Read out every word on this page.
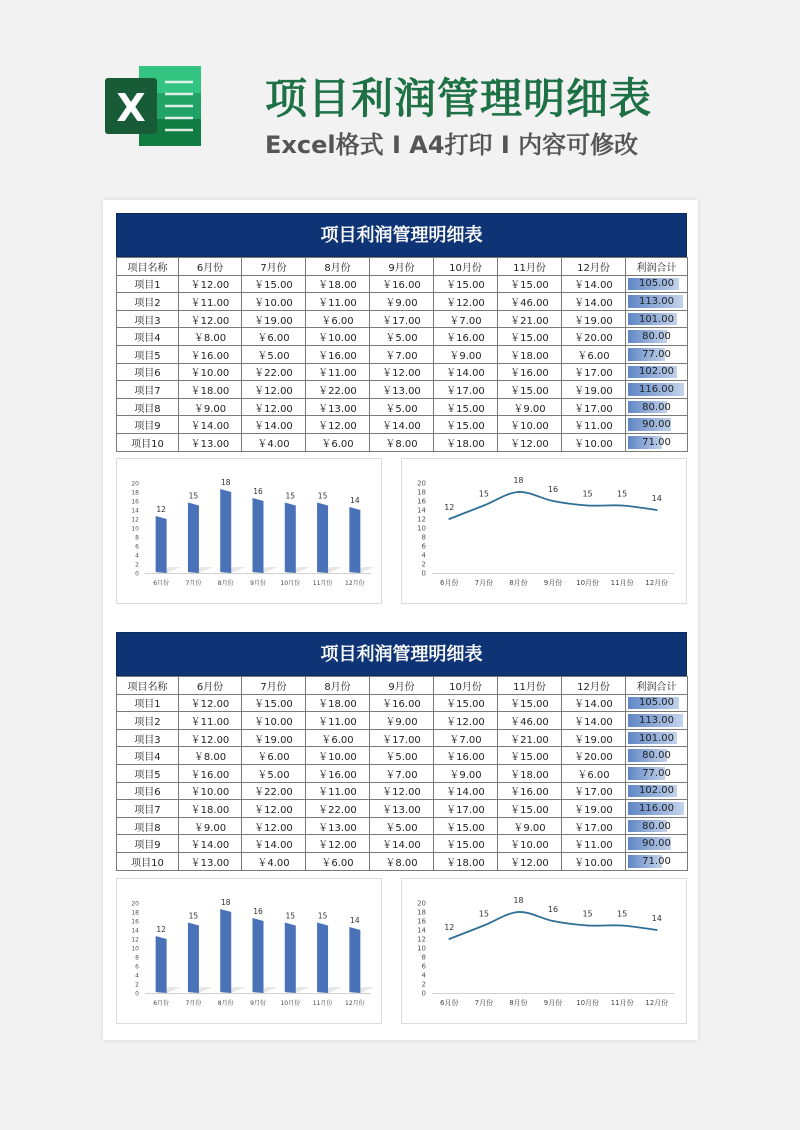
X	项目利润管理明细表
Excel格式 I A4打印 I 内容可修改
项目利润管理明细表
项目名称	6月份	7月份	8月份	9月份	10月份	11月份	12月份	利润合计
项目1	￥12.00	￥15.00	￥18.00	￥16.00	￥15.00	￥15.00	￥14.00	105.00
项目2	￥11.00	￥10.00	￥11.00	￥9.00	￥12.00	￥46.00	￥14.00	113.00
项目3	￥12.00	￥19.00	￥6.00	￥17.00	￥7.00	￥21.00	￥19.00	101.00
项目4	￥8.00	￥6.00	￥10.00	￥5.00	￥16.00	￥15.00	￥20.00	80.00
项目5	￥16.00	￥5.00	￥16.00	￥7.00	￥9.00	￥18.00	￥6.00	77.00
项目6	￥10.00	￥22.00	￥11.00	￥12.00	￥14.00	￥16.00	￥17.00	102.00
项目7	￥18.00	￥12.00	￥22.00	￥13.00	￥17.00	￥15.00	￥19.00	116.00
项目8	￥9.00	￥12.00	￥13.00	￥5.00	￥15.00	￥9.00	￥17.00	80.00
项目9	￥14.00	￥14.00	￥12.00	￥14.00	￥15.00	￥10.00	￥11.00	90.00
项目10	￥13.00	￥4.00	￥6.00	￥8.00	￥18.00	￥12.00	￥10.00	71.00
0
2
4
6
8
10
12
14
16
18
20
6月份	7月份	8月份	9月份 10月份 11月份 12月份
12
15
18
16	15	15	14
0
2
4
6
8
10
12
14
16
18
20
6月份 7月份 8月份 9月份 10月份 11月份 12月份
12
15
18
16	15	15	14
项目利润管理明细表
项目名称	6月份	7月份	8月份	9月份	10月份	11月份	12月份	利润合计
项目1	￥12.00	￥15.00	￥18.00	￥16.00	￥15.00	￥15.00	￥14.00	105.00
项目2	￥11.00	￥10.00	￥11.00	￥9.00	￥12.00	￥46.00	￥14.00	113.00
项目3	￥12.00	￥19.00	￥6.00	￥17.00	￥7.00	￥21.00	￥19.00	101.00
项目4	￥8.00	￥6.00	￥10.00	￥5.00	￥16.00	￥15.00	￥20.00	80.00
项目5	￥16.00	￥5.00	￥16.00	￥7.00	￥9.00	￥18.00	￥6.00	77.00
项目6	￥10.00	￥22.00	￥11.00	￥12.00	￥14.00	￥16.00	￥17.00	102.00
项目7	￥18.00	￥12.00	￥22.00	￥13.00	￥17.00	￥15.00	￥19.00	116.00
项目8	￥9.00	￥12.00	￥13.00	￥5.00	￥15.00	￥9.00	￥17.00	80.00
项目9	￥14.00	￥14.00	￥12.00	￥14.00	￥15.00	￥10.00	￥11.00	90.00
项目10	￥13.00	￥4.00	￥6.00	￥8.00	￥18.00	￥12.00	￥10.00	71.00
0
2
4
6
8
10
12
14
16
18
20
6月份	7月份	8月份	9月份 10月份 11月份 12月份
12
15
18
16	15	15	14
0
2
4
6
8
10
12
14
16
18
20
6月份 7月份 8月份 9月份 10月份 11月份 12月份
12
15
18
16	15	15	14
